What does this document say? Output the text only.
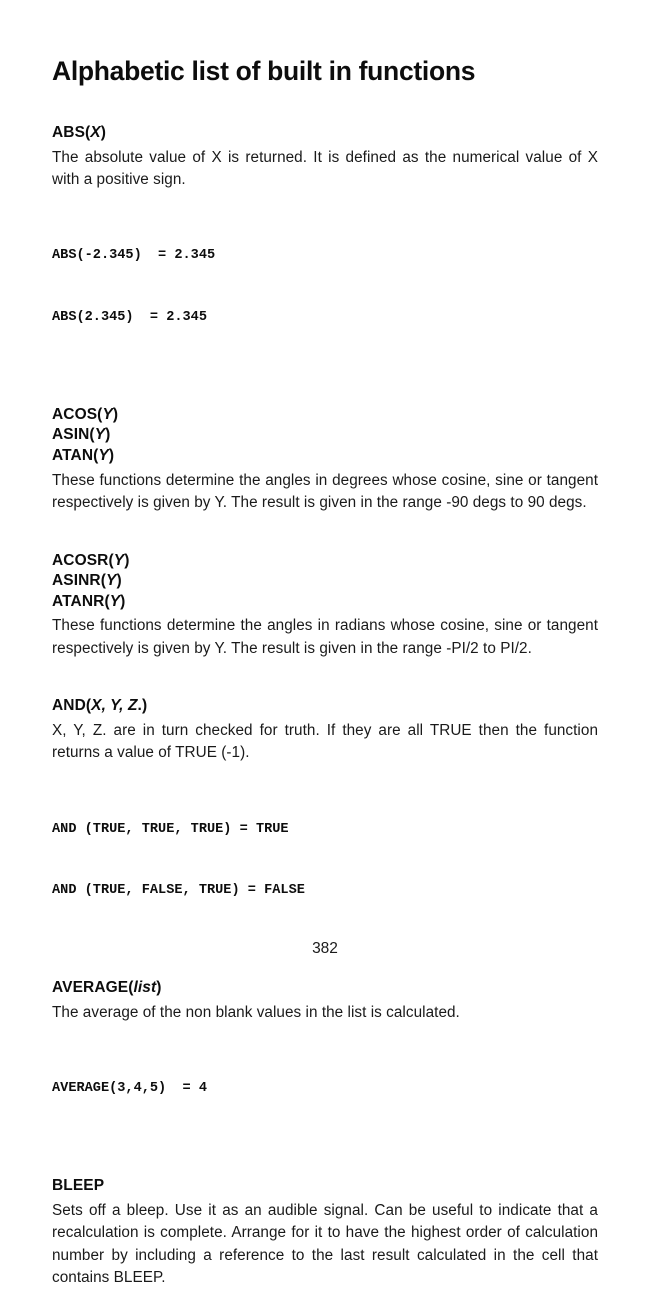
Alphabetic list of built in functions
ABS(X)

The absolute value of X is returned. It is defined as the numerical value of X with a positive sign.

ABS(-2.345)  = 2.345

ABS(2.345)  = 2.345

ACOS(Y)
ASIN(Y)
ATAN(Y)

These functions determine the angles in degrees whose cosine, sine or tangent respectively is given by Y. The result is given in the range -90 degs to 90 degs.

ACOSR(Y)
ASINR(Y)
ATANR(Y)

These functions determine the angles in radians whose cosine, sine or tangent respectively is given by Y. The result is given in the range -PI/2 to PI/2.

AND(X, Y, Z.)

X, Y, Z. are in turn checked for truth. If they are all TRUE then the function returns a value of TRUE (-1).

AND (TRUE, TRUE, TRUE) = TRUE

AND (TRUE, FALSE, TRUE) = FALSE

AVERAGE(list)

The average of the non blank values in the list is calculated.

AVERAGE(3,4,5)  = 4

BLEEP

Sets off a bleep. Use it as an audible signal. Can be useful to indicate that a recalculation is complete. Arrange for it to have the highest order of calculation number by including a reference to the last result calculated in the cell that contains BLEEP.

382
